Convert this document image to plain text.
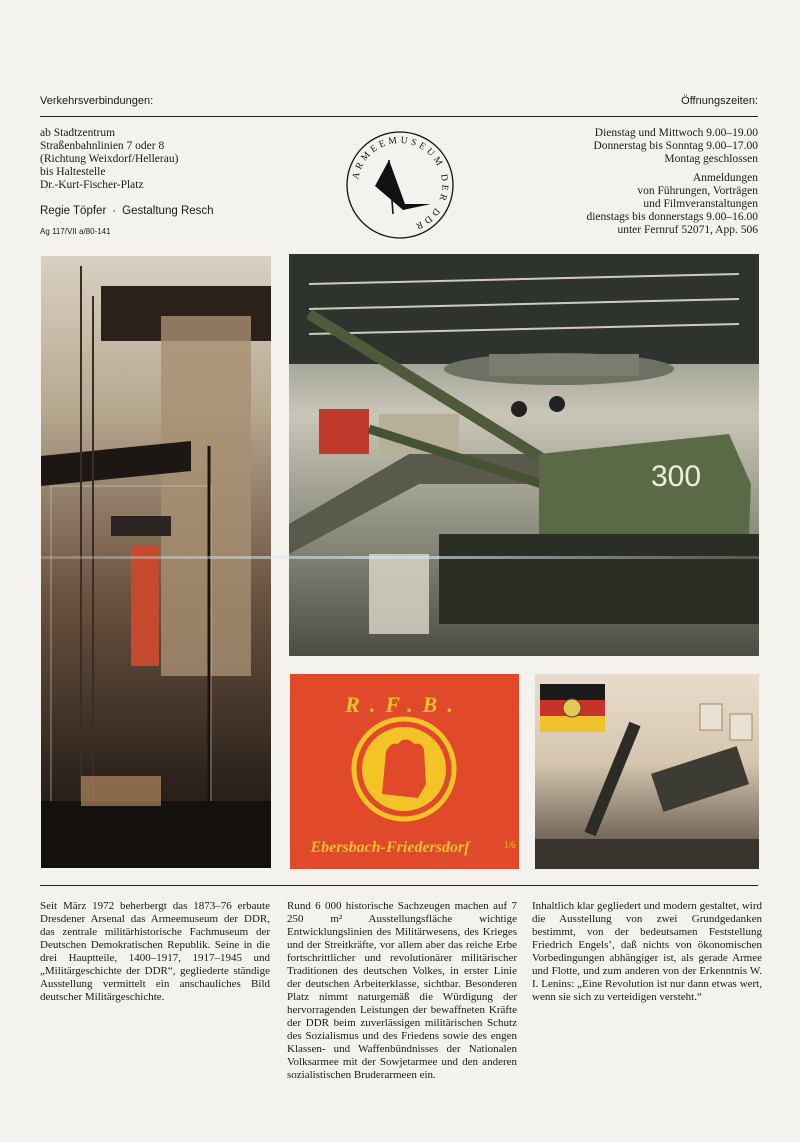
Verkehrsverbindungen:	Öffnungszeiten:
ab Stadtzentrum
Straßenbahnlinien 7 oder 8
(Richtung Weixdorf/Hellerau)
bis Haltestelle
Dr.-Kurt-Fischer-Platz
Regie Töpfer · Gestaltung Resch
Ag 117/VII a/80-141
ARMEEMUSEUM DER DDR
Dienstag und Mittwoch 9.00–19.00
Donnerstag bis Sonntag 9.00–17.00
Montag geschlossen
Anmeldungen
von Führungen, Vorträgen
und Filmveranstaltungen
dienstags bis donnerstags 9.00–16.00
unter Fernruf 52071, App. 506
300
R.F.B.
Ebersbach-Friedersdorf	1/6
Seit März 1972 beherbergt das 1873–76 erbaute Dresdener Arsenal das Armeemuseum der DDR, das zentrale militärhistorische Fachmuseum der Deutschen Demokratischen Republik. Seine in die drei Hauptteile, 1400–1917, 1917–1945 und „Militärgeschichte der DDR“, gegliederte ständige Ausstellung vermittelt ein anschauliches Bild deutscher Militärgeschichte.
Rund 6 000 historische Sachzeugen machen auf 7 250 m² Ausstellungsfläche wichtige Entwicklungslinien des Militärwesens, des Krieges und der Streitkräfte, vor allem aber das reiche Erbe fortschrittlicher und revolutionärer militärischer Traditionen des deutschen Volkes, in erster Linie der deutschen Arbeiterklasse, sichtbar. Besonderen Platz nimmt naturgemäß die Würdigung der hervorragenden Leistungen der bewaffneten Kräfte der DDR beim zuverlässigen militärischen Schutz des Sozialismus und des Friedens sowie des engen Klassen- und Waffenbündnisses der Nationalen Volksarmee mit der Sowjetarmee und den anderen sozialistischen Bruderarmeen ein.
Inhaltlich klar gegliedert und modern gestaltet, wird die Ausstellung von zwei Grundgedanken bestimmt, von der bedeutsamen Feststellung Friedrich Engels’, daß nichts von ökonomischen Vorbedingungen abhängiger ist, als gerade Armee und Flotte, und zum anderen von der Erkenntnis W. I. Lenins: „Eine Revolution ist nur dann etwas wert, wenn sie sich zu verteidigen versteht.“
